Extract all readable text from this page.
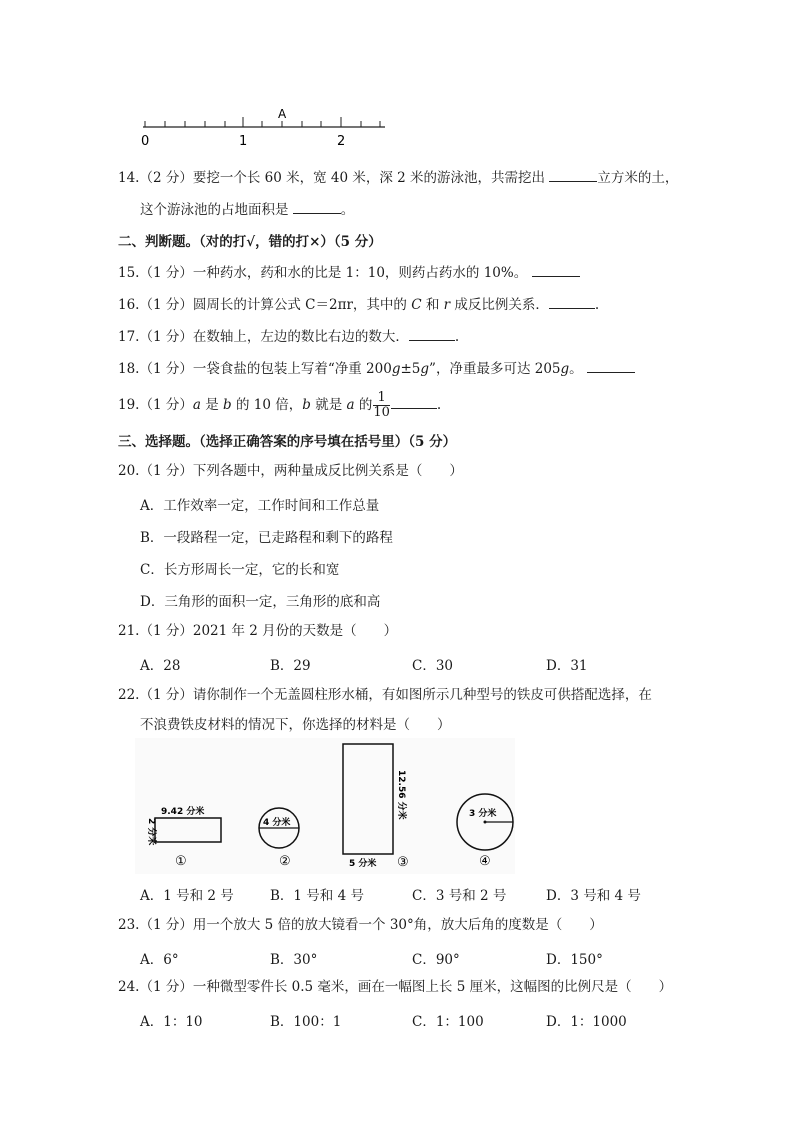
A
0	1	2
14.（2 分）要挖一个长 60 米，宽 40 米，深 2 米的游泳池，共需挖出	立方米的土，
这个游泳池的占地面积是	。
二、判断题。（对的打√，错的打×）（5 分）
15.（1 分）一种药水，药和水的比是 1：10，则药占药水的 10%。
16.（1 分）圆周长的计算公式 C＝2πr，其中的 C 和 r 成反比例关系．	.
17.（1 分）在数轴上，左边的数比右边的数大．	.
18.（1 分）一袋食盐的包装上写着“净重 200g±5g”，净重最多可达 205g。
19.（1 分）a 是 b 的 10 倍，b 就是 a 的 $\frac{1}{10}$	.
三、选择题。（选择正确答案的序号填在括号里）（5 分）
20.（1 分）下列各题中，两种量成反比例关系是（　　）
A．工作效率一定，工作时间和工作总量
B．一段路程一定，已走路程和剩下的路程
C．长方形周长一定，它的长和宽
D．三角形的面积一定，三角形的底和高
21.（1 分）2021 年 2 月份的天数是（　　）
A．28	B．29	C．30	D．31
22.（1 分）请你制作一个无盖圆柱形水桶，有如图所示几种型号的铁皮可供搭配选择，在
不浪费铁皮材料的情况下，你选择的材料是（　　）
9.42 分米
2 分米
①
4 分米
②
12.56 分米
5 分米 ③
3 分米
④
A．1 号和 2 号	B．1 号和 4 号	C．3 号和 2 号	D．3 号和 4 号
23.（1 分）用一个放大 5 倍的放大镜看一个 30°角，放大后角的度数是（　　）
A．6°	B．30°	C．90°	D．150°
24.（1 分）一种微型零件长 0.5 毫米，画在一幅图上长 5 厘米，这幅图的比例尺是（　　）
A．1：10	B．100：1	C．1：100	D．1：1000
